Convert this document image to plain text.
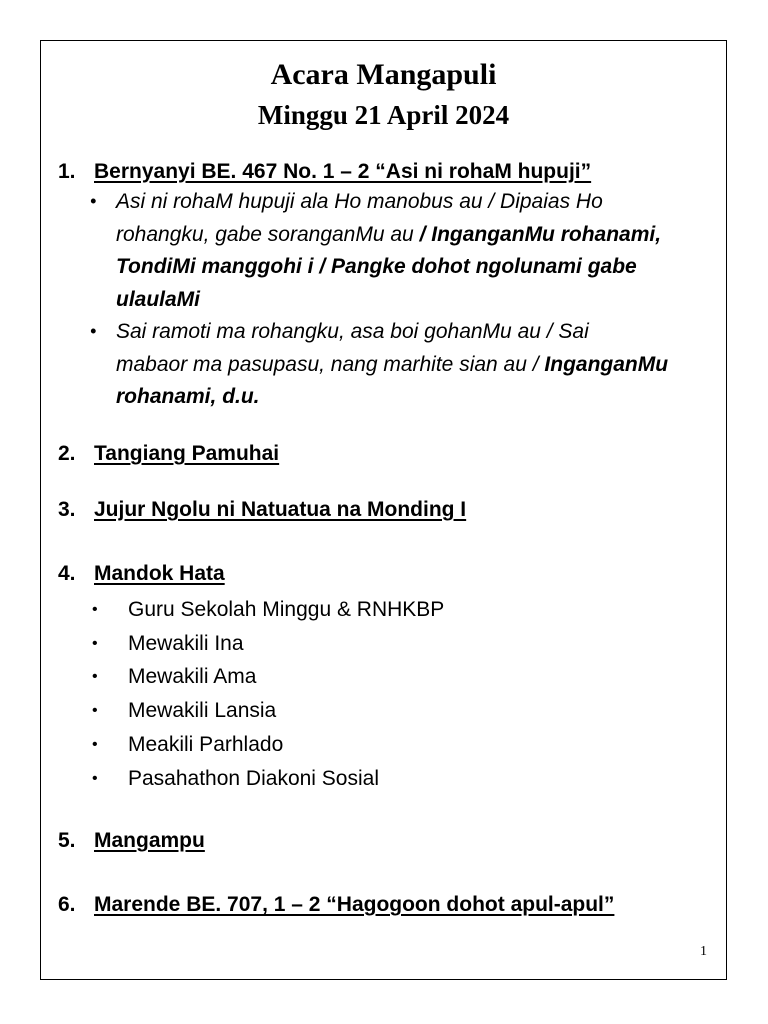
Acara Mangapuli
Minggu 21 April 2024
1. Bernyanyi BE. 467 No. 1 – 2 “Asi ni rohaM hupuji”
• Asi ni rohaM hupuji ala Ho manobus au / Dipaias Ho
rohangku, gabe soranganMu au / InganganMu rohanami,
TondiMi manggohi i / Pangke dohot ngolunami gabe
ulaulaMi
• Sai ramoti ma rohangku, asa boi gohanMu au / Sai
mabaor ma pasupasu, nang marhite sian au / InganganMu
rohanami, d.u.
2. Tangiang Pamuhai
3. Jujur Ngolu ni Natuatua na Monding I
4. Mandok Hata
•	Guru Sekolah Minggu & RNHKBP
•	Mewakili Ina
•	Mewakili Ama
•	Mewakili Lansia
•	Meakili Parhlado
•	Pasahathon Diakoni Sosial
5. Mangampu
6. Marende BE. 707, 1 – 2 “Hagogoon dohot apul-apul”
1
